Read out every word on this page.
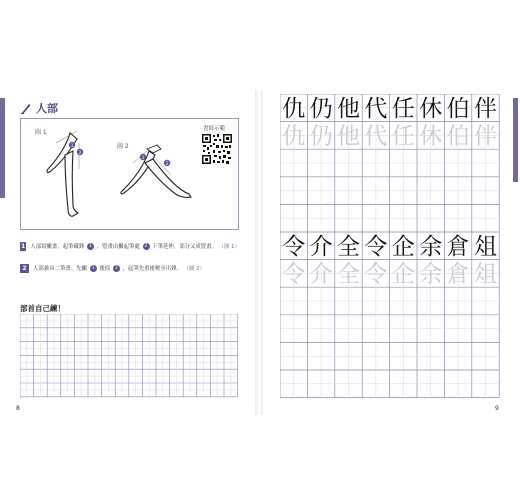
人部
圖 1
圖 2
1
2
1
2
書寫示範
1 人部寫撇畫，起筆藏鋒 1 ，豎畫由撇起筆處 2 下筆延伸，部分又成豎畫。 （圖 1）
2	人部兼具二筆畫：先撇 1 後捺 2 ，起筆先重後輕至出鋒。 （圖 2）
部首自己練！
8
仇 仍 他 代 任 休 伯 伴
仇 仍 他 代 任 休 伯 伴
令 介 全 令 企 余 倉 俎
令 介 全 令 企 余 倉 俎
9
